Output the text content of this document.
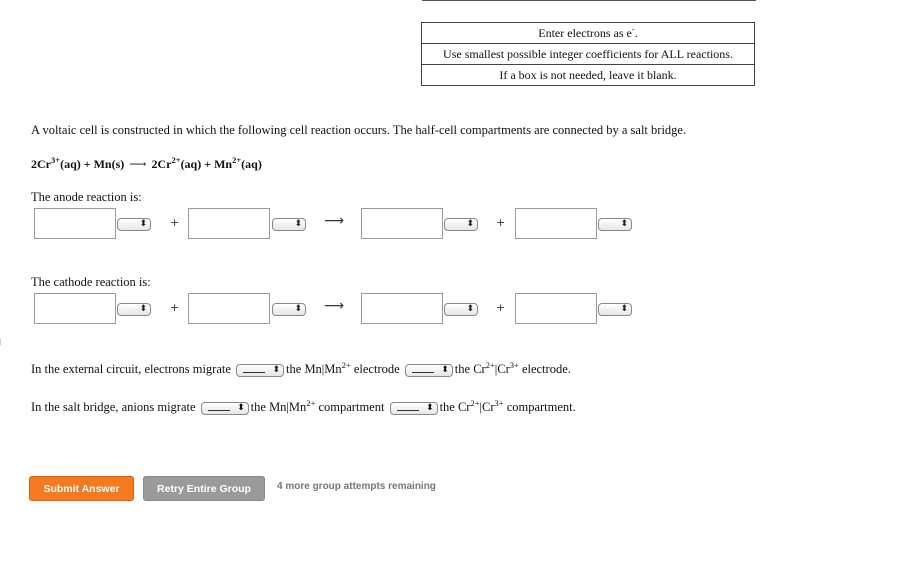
Enter electrons as e-.
Use smallest possible integer coefficients for ALL reactions.
If a box is not needed, leave it blank.
A voltaic cell is constructed in which the following cell reaction occurs. The half-cell compartments are connected by a salt bridge.
$2Cr^{3+}(aq) + Mn(s)$ ⟶ $2Cr^{2+}(aq) + Mn^{2+}(aq)$
The anode reaction is:
⬍ +	⬍ ⟶	⬍ +	⬍
The cathode reaction is:
⬍ +	⬍ ⟶	⬍ +	⬍
In the external circuit, electrons migrate	⬍ the $Mn|Mn^{2+}$ electrode	⬍ the $Cr^{2+}|Cr^{3+}$ electrode.
In the salt bridge, anions migrate	⬍ the $Mn|Mn^{2+}$ compartment	⬍ the $Cr^{2+}|Cr^{3+}$ compartment.
Submit Answer	Retry Entire Group	4 more group attempts remaining
